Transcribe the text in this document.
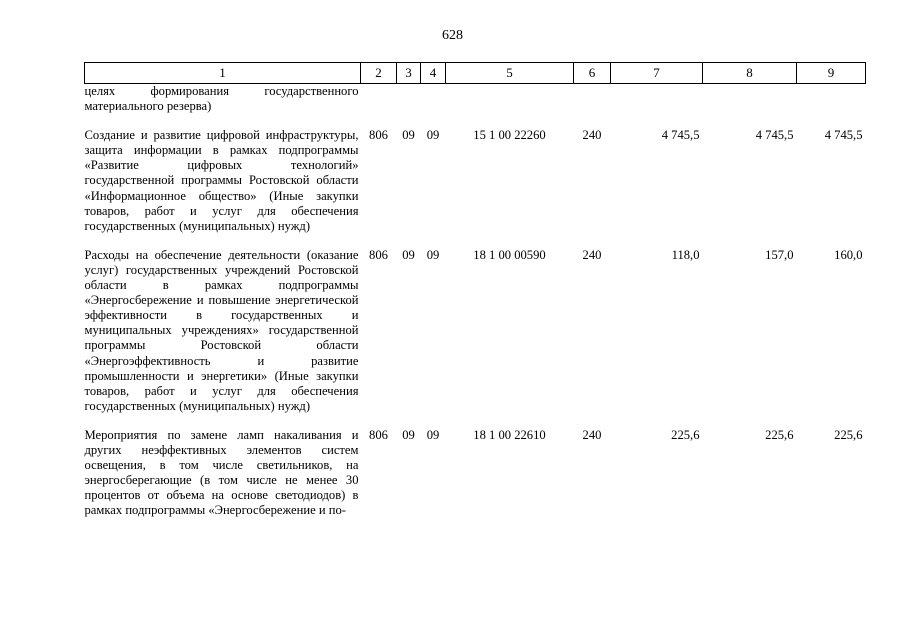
628
1	2	3	4	5	6	7	8	9
целях формирования государственного материального резерва)								

Создание и развитие цифровой инфраструктуры, защита информации в рамках подпрограммы «Развитие цифровых технологий» государственной программы Ростовской области «Информационное общество» (Иные закупки товаров, работ и услуг для обеспечения государственных (муниципальных) нужд)	806	09	09	15 1 00 22260	240	4 745,5	4 745,5	4 745,5

Расходы на обеспечение деятельности (оказание услуг) государственных учреждений Ростовской области в рамках подпрограммы «Энергосбережение и повышение энергетической эффективности в государственных и муниципальных учреждениях» государственной программы Ростовской области «Энергоэффективность и развитие промышленности и энергетики» (Иные закупки товаров, работ и услуг для обеспечения государственных (муниципальных) нужд)	806	09	09	18 1 00 00590	240	118,0	157,0	160,0

Мероприятия по замене ламп накаливания и других неэффективных элементов систем освещения, в том числе светильников, на энергосберегающие (в том числе не менее 30 процентов от объема на основе светодиодов) в рамках подпрограммы «Энергосбережение и по-	806	09	09	18 1 00 22610	240	225,6	225,6	225,6
